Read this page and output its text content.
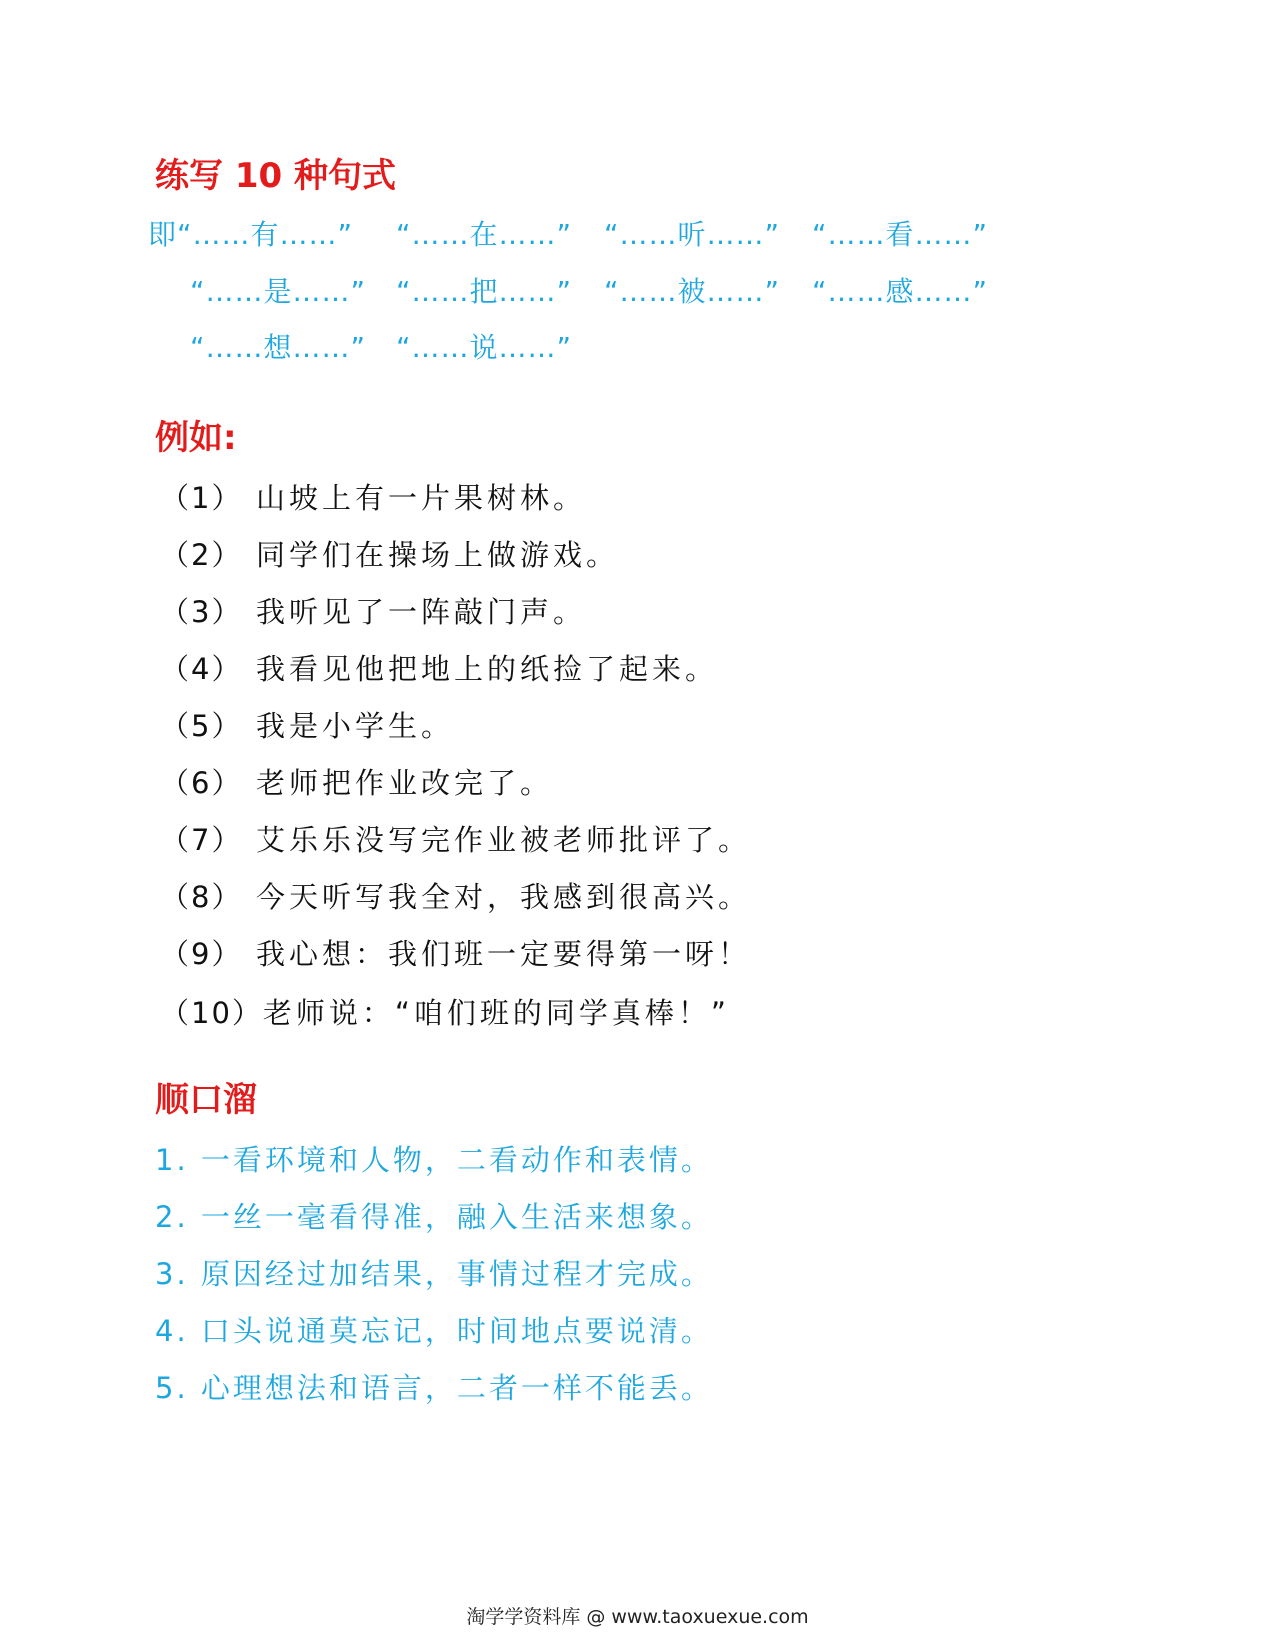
练写 10 种句式
即“……有……” “……在……” “……听……” “……看……”
“……是……” “……把……” “……被……” “……感……”
“……想……” “……说……”
例如:
（1） 山坡上有一片果树林。
（2） 同学们在操场上做游戏。
（3） 我听见了一阵敲门声。
（4） 我看见他把地上的纸捡了起来。
（5） 我是小学生。
（6） 老师把作业改完了。
（7） 艾乐乐没写完作业被老师批评了。
（8） 今天听写我全对，我感到很高兴。
（9） 我心想：我们班一定要得第一呀！
（10）老师说：“咱们班的同学真棒！”
顺口溜
1. 一看环境和人物，二看动作和表情。
2. 一丝一毫看得准，融入生活来想象。
3. 原因经过加结果，事情过程才完成。
4. 口头说通莫忘记，时间地点要说清。
5. 心理想法和语言，二者一样不能丢。
淘学学资料库 @ www.taoxuexue.com
